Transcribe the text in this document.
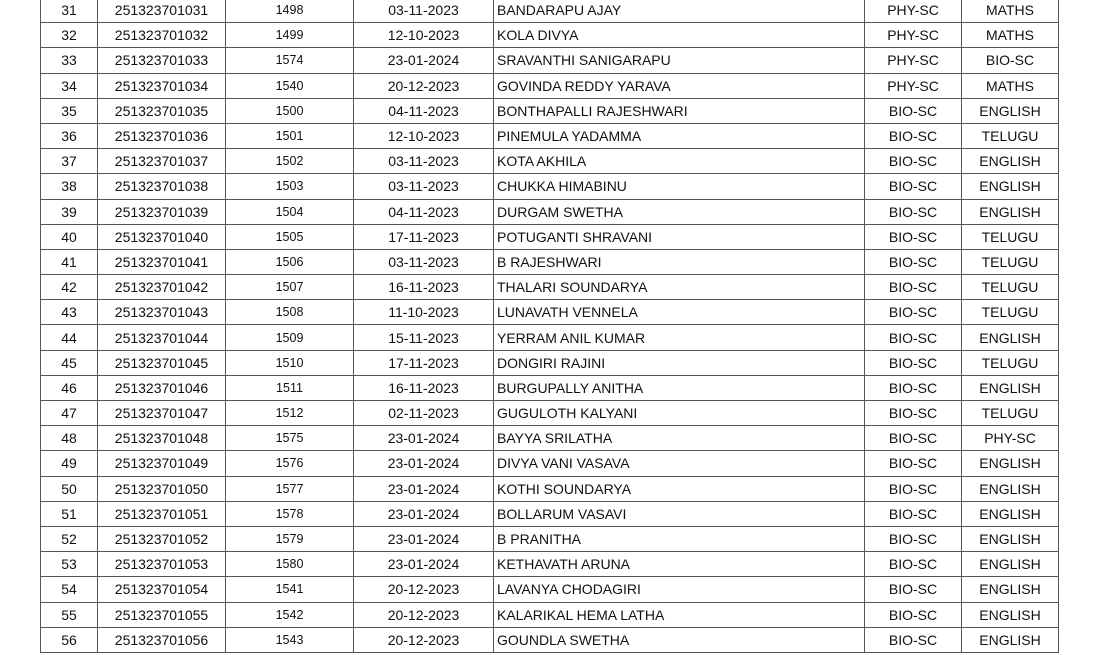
31	251323701031	1498	03-11-2023	BANDARAPU AJAY	PHY-SC	MATHS
32	251323701032	1499	12-10-2023	KOLA DIVYA	PHY-SC	MATHS
33	251323701033	1574	23-01-2024	SRAVANTHI SANIGARAPU	PHY-SC	BIO-SC
34	251323701034	1540	20-12-2023	GOVINDA REDDY YARAVA	PHY-SC	MATHS
35	251323701035	1500	04-11-2023	BONTHAPALLI RAJESHWARI	BIO-SC	ENGLISH
36	251323701036	1501	12-10-2023	PINEMULA YADAMMA	BIO-SC	TELUGU
37	251323701037	1502	03-11-2023	KOTA AKHILA	BIO-SC	ENGLISH
38	251323701038	1503	03-11-2023	CHUKKA HIMABINU	BIO-SC	ENGLISH
39	251323701039	1504	04-11-2023	DURGAM SWETHA	BIO-SC	ENGLISH
40	251323701040	1505	17-11-2023	POTUGANTI SHRAVANI	BIO-SC	TELUGU
41	251323701041	1506	03-11-2023	B RAJESHWARI	BIO-SC	TELUGU
42	251323701042	1507	16-11-2023	THALARI SOUNDARYA	BIO-SC	TELUGU
43	251323701043	1508	11-10-2023	LUNAVATH VENNELA	BIO-SC	TELUGU
44	251323701044	1509	15-11-2023	YERRAM ANIL KUMAR	BIO-SC	ENGLISH
45	251323701045	1510	17-11-2023	DONGIRI RAJINI	BIO-SC	TELUGU
46	251323701046	1511	16-11-2023	BURGUPALLY ANITHA	BIO-SC	ENGLISH
47	251323701047	1512	02-11-2023	GUGULOTH KALYANI	BIO-SC	TELUGU
48	251323701048	1575	23-01-2024	BAYYA SRILATHA	BIO-SC	PHY-SC
49	251323701049	1576	23-01-2024	DIVYA VANI VASAVA	BIO-SC	ENGLISH
50	251323701050	1577	23-01-2024	KOTHI SOUNDARYA	BIO-SC	ENGLISH
51	251323701051	1578	23-01-2024	BOLLARUM VASAVI	BIO-SC	ENGLISH
52	251323701052	1579	23-01-2024	B PRANITHA	BIO-SC	ENGLISH
53	251323701053	1580	23-01-2024	KETHAVATH ARUNA	BIO-SC	ENGLISH
54	251323701054	1541	20-12-2023	LAVANYA CHODAGIRI	BIO-SC	ENGLISH
55	251323701055	1542	20-12-2023	KALARIKAL HEMA LATHA	BIO-SC	ENGLISH
56	251323701056	1543	20-12-2023	GOUNDLA SWETHA	BIO-SC	ENGLISH
